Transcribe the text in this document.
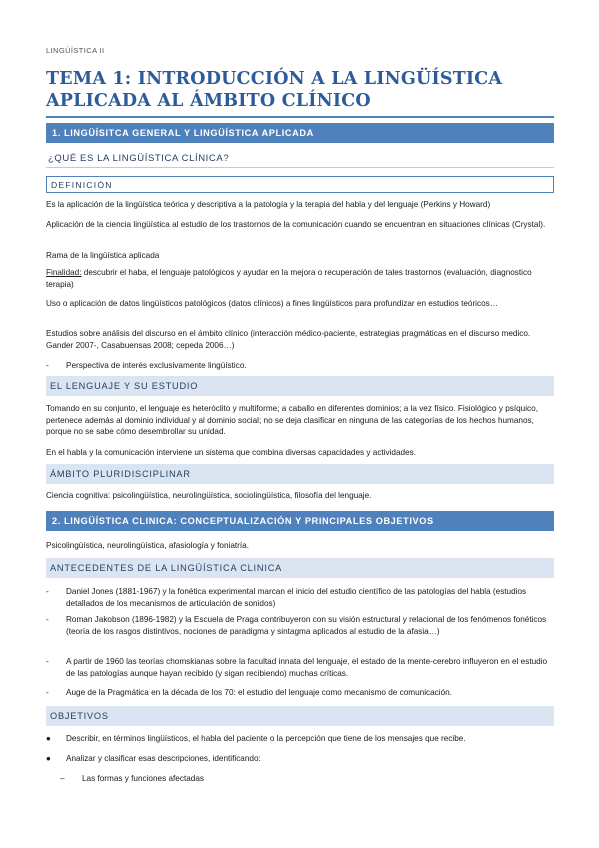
LINGÜÍSTICA II
TEMA 1: INTRODUCCIÓN A LA LINGÜÍSTICA APLICADA AL ÁMBITO CLÍNICO
1. LINGÜÍSITCA GENERAL Y LINGÜÍSTICA APLICADA
¿QUÉ ES LA LINGÜÍSTICA CLÍNICA?
DEFINICIÓN
Es la aplicación de la lingüística teórica y descriptiva a la patología y la terapia del habla y del lenguaje (Perkins y Howard)
Aplicación de la ciencia lingüística al estudio de los trastornos de la comunicación cuando se encuentran en situaciones clínicas (Crystal).
Rama de la lingüística aplicada
Finalidad: descubrir el haba, el lenguaje patológicos y ayudar en la mejora o recuperación de tales trastornos (evaluación, diagnostico terapia)
Uso o aplicación de datos lingüísticos patológicos (datos clínicos) a fines lingüísticos para profundizar en estudios teóricos…
Estudios sobre análisis del discurso en el ámbito clínico (interacción médico-paciente, estrategias pragmáticas en el discurso medico. Gander 2007-, Casabuensas 2008; cepeda 2006…)
-	Perspectiva de interés exclusivamente lingüístico.
EL LENGUAJE Y SU ESTUDIO
Tomando en su conjunto, el lenguaje es heteróclito y multiforme; a caballo en diferentes dominios; a la vez físico. Fisiológico y psíquico, pertenece además al dominio individual y al dominio social; no se deja clasificar en ninguna de las categorías de los hechos humanos, porque no se sabe cómo desembrollar su unidad.
En el habla y la comunicación interviene un sistema que combina diversas capacidades y actividades.
ÁMBITO PLURIDISCIPLINAR
Ciencia cognitiva: psicolingüística, neurolingüística, sociolingüística, filosofía del lenguaje.
2. LINGÜÍSTICA CLINICA: CONCEPTUALIZACIÓN Y PRINCIPALES OBJETIVOS
Psicolingüística, neurolingüística, afasiología y foniatría.
ANTECEDENTES DE LA LINGÜÍSTICA CLINICA
-	Daniel Jones (1881-1967) y la fonética experimental marcan el inicio del estudio científico de las patologías del habla (estudios detallados de los mecanismos de articulación de sonidos)
-	Roman Jakobson (1896-1982) y la Escuela de Praga contribuyeron con su visión estructural y relacional de los fenómenos fonéticos (teoría de los rasgos distintivos, nociones de paradigma y sintagma aplicados al estudio de la afasia…)
-	A partir de 1960 las teorías chomskianas sobre la facultad innata del lenguaje, el estado de la mente-cerebro influyeron en el estudio de las patologías aunque hayan recibido (y sigan recibiendo) muchas críticas.
-	Auge de la Pragmática en la década de los 70: el estudio del lenguaje como mecanismo de comunicación.
OBJETIVOS
●	Describir, en términos lingüísticos, el habla del paciente o la percepción que tiene de los mensajes que recibe.
●	Analizar y clasificar esas descripciones, identificando:
–	Las formas y funciones afectadas
